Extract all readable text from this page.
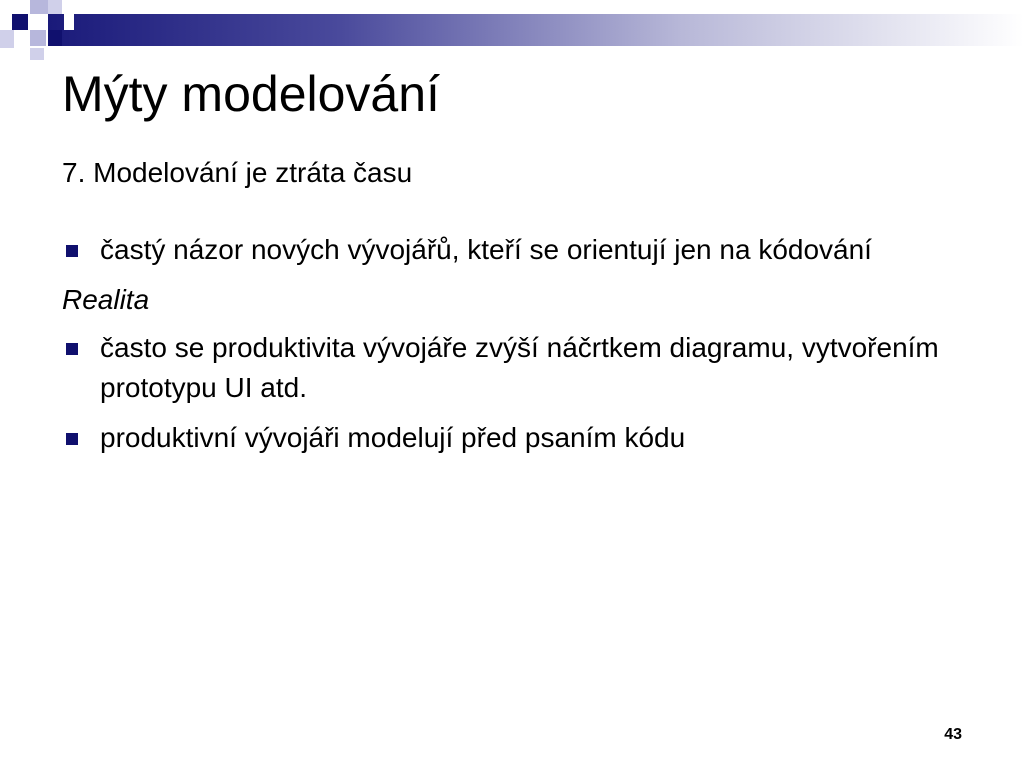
Mýty modelování
7. Modelování je ztráta času
častý názor nových vývojářů, kteří se orientují jen na kódování
Realita
často se produktivita vývojáře zvýší náčrtkem diagramu, vytvořením prototypu UI atd.
produktivní vývojáři modelují před psaním kódu
43
